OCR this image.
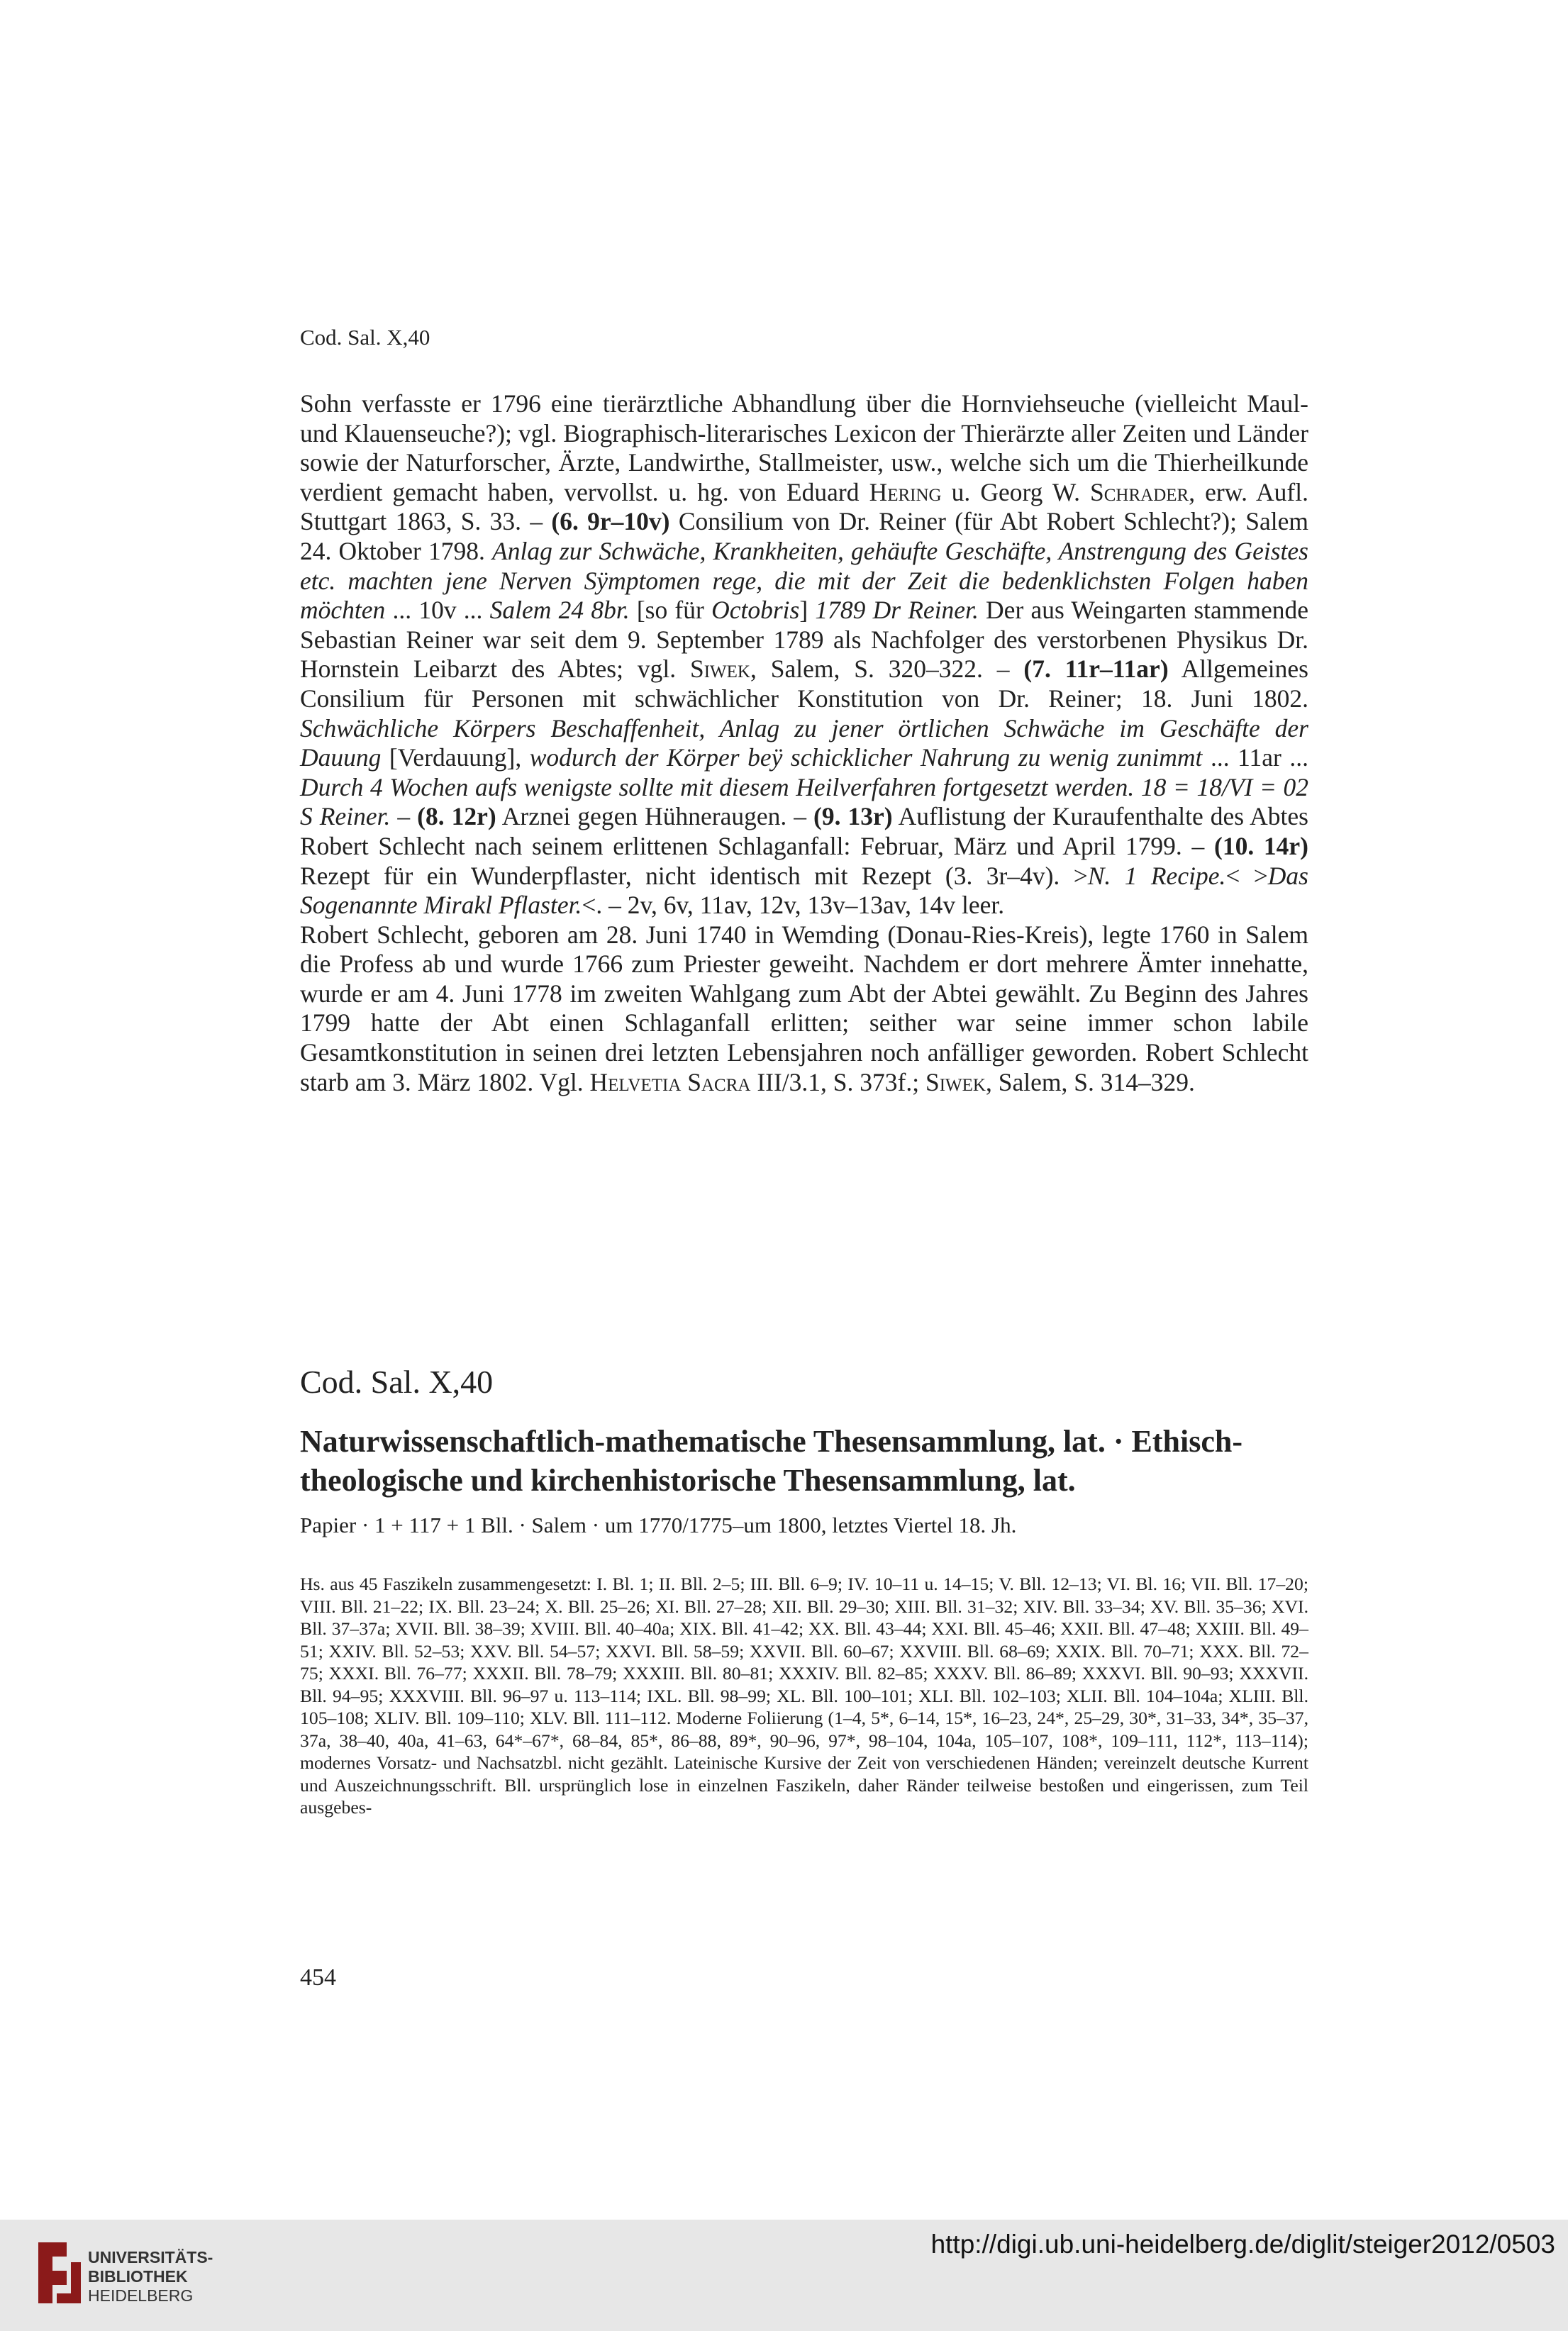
Cod. Sal. X,40

Sohn verfasste er 1796 eine tierärztliche Abhandlung über die Hornviehseuche (vielleicht Maul- und Klauenseuche?); vgl. Biographisch-literarisches Lexicon der Thierärzte aller Zeiten und Länder sowie der Naturforscher, Ärzte, Landwirthe, Stallmeister, usw., welche sich um die Thierheilkunde verdient gemacht haben, vervollst. u. hg. von Eduard Hering u. Georg W. Schrader, erw. Aufl. Stuttgart 1863, S. 33. – (6. 9r–10v) Consilium von Dr. Reiner (für Abt Robert Schlecht?); Salem 24. Oktober 1798. Anlag zur Schwäche, Krankheiten, gehäufte Geschäfte, Anstrengung des Geistes etc. machten jene Nerven Sÿmptomen rege, die mit der Zeit die bedenklichsten Folgen haben möchten ... 10v ... Salem 24 8br. [so für Octobris] 1789 Dr Reiner. Der aus Weingarten stammende Sebastian Reiner war seit dem 9. September 1789 als Nachfolger des verstorbenen Physikus Dr. Hornstein Leibarzt des Abtes; vgl. Siwek, Salem, S. 320–322. – (7. 11r–11ar) Allgemeines Consilium für Personen mit schwächlicher Konstitution von Dr. Reiner; 18. Juni 1802. Schwächliche Körpers Beschaffenheit, Anlag zu jener örtlichen Schwäche im Geschäfte der Dauung [Verdauung], wodurch der Körper beÿ schicklicher Nahrung zu wenig zunimmt ... 11ar ... Durch 4 Wochen aufs wenigste sollte mit diesem Heilverfahren fortgesetzt werden. 18 = 18/VI = 02 S Reiner. – (8. 12r) Arznei gegen Hühneraugen. – (9. 13r) Auflistung der Kuraufenthalte des Abtes Robert Schlecht nach seinem erlittenen Schlaganfall: Februar, März und April 1799. – (10. 14r) Rezept für ein Wunderpflaster, nicht identisch mit Rezept (3. 3r–4v). >N. 1 Recipe.< >Das Sogenannte Mirakl Pflaster.<. – 2v, 6v, 11av, 12v, 13v–13av, 14v leer.

Robert Schlecht, geboren am 28. Juni 1740 in Wemding (Donau-Ries-Kreis), legte 1760 in Salem die Profess ab und wurde 1766 zum Priester geweiht. Nachdem er dort mehrere Ämter innehatte, wurde er am 4. Juni 1778 im zweiten Wahlgang zum Abt der Abtei gewählt. Zu Beginn des Jahres 1799 hatte der Abt einen Schlaganfall erlitten; seither war seine immer schon labile Gesamtkonstitution in seinen drei letzten Lebensjahren noch anfälliger geworden. Robert Schlecht starb am 3. März 1802. Vgl. Helvetia Sacra III/3.1, S. 373f.; Siwek, Salem, S. 314–329.

Cod. Sal. X,40
Naturwissenschaftlich-mathematische Thesensammlung, lat. · Ethisch-theologische und kirchenhistorische Thesensammlung, lat.
Papier · 1 + 117 + 1 Bll. · Salem · um 1770/1775–um 1800, letztes Viertel 18. Jh.

Hs. aus 45 Faszikeln zusammengesetzt: I. Bl. 1; II. Bll. 2–5; III. Bll. 6–9; IV. 10–11 u. 14–15; V. Bll. 12–13; VI. Bl. 16; VII. Bll. 17–20; VIII. Bll. 21–22; IX. Bll. 23–24; X. Bll. 25–26; XI. Bll. 27–28; XII. Bll. 29–30; XIII. Bll. 31–32; XIV. Bll. 33–34; XV. Bll. 35–36; XVI. Bll. 37–37a; XVII. Bll. 38–39; XVIII. Bll. 40–40a; XIX. Bll. 41–42; XX. Bll. 43–44; XXI. Bll. 45–46; XXII. Bll. 47–48; XXIII. Bll. 49–51; XXIV. Bll. 52–53; XXV. Bll. 54–57; XXVI. Bll. 58–59; XXVII. Bll. 60–67; XXVIII. Bll. 68–69; XXIX. Bll. 70–71; XXX. Bll. 72–75; XXXI. Bll. 76–77; XXXII. Bll. 78–79; XXXIII. Bll. 80–81; XXXIV. Bll. 82–85; XXXV. Bll. 86–89; XXXVI. Bll. 90–93; XXXVII. Bll. 94–95; XXXVIII. Bll. 96–97 u. 113–114; IXL. Bll. 98–99; XL. Bll. 100–101; XLI. Bll. 102–103; XLII. Bll. 104–104a; XLIII. Bll. 105–108; XLIV. Bll. 109–110; XLV. Bll. 111–112. Moderne Foliierung (1–4, 5*, 6–14, 15*, 16–23, 24*, 25–29, 30*, 31–33, 34*, 35–37, 37a, 38–40, 40a, 41–63, 64*–67*, 68–84, 85*, 86–88, 89*, 90–96, 97*, 98–104, 104a, 105–107, 108*, 109–111, 112*, 113–114); modernes Vorsatz- und Nachsatzbl. nicht gezählt. Lateinische Kursive der Zeit von verschiedenen Händen; vereinzelt deutsche Kurrent und Auszeichnungsschrift. Bll. ursprünglich lose in einzelnen Faszikeln, daher Ränder teilweise bestoßen und eingerissen, zum Teil ausgebes-

454
UNIVERSITÄTS-
BIBLIOTHEK
HEIDELBERG
http://digi.ub.uni-heidelberg.de/diglit/steiger2012/0503
